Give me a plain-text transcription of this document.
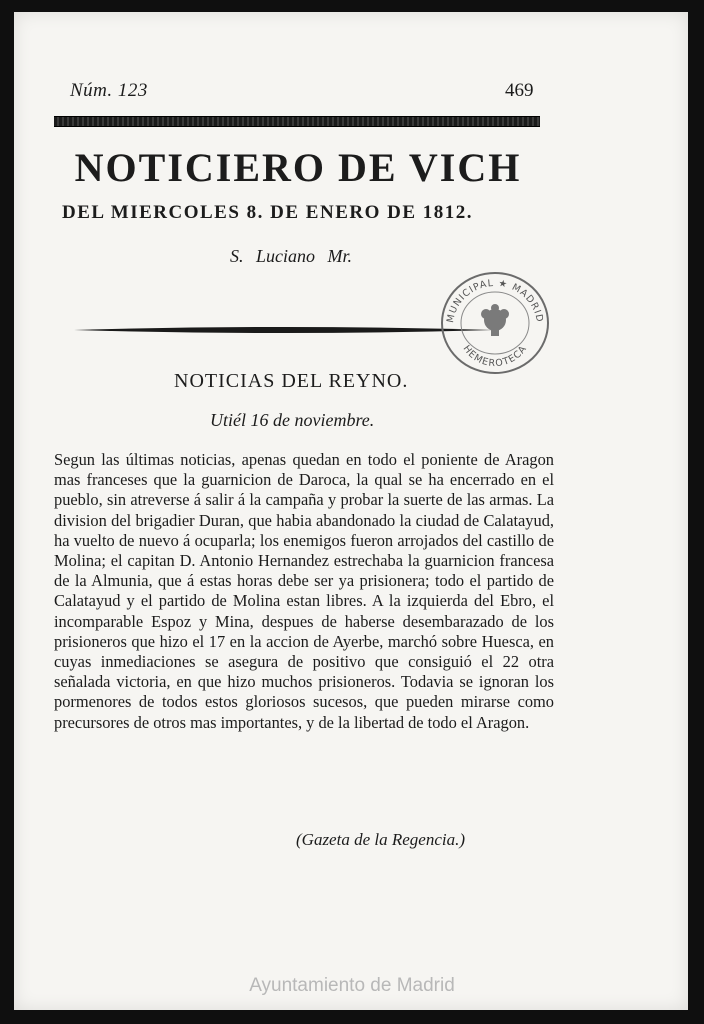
Núm. 123	469
NOTICIERO DE VICH
DEL MIERCOLES 8. DE ENERO DE 1812.
S. Luciano Mr.
MUNICIPAL ★ MADRID
HEMEROTECA
NOTICIAS DEL REYNO.
Utiél 16 de noviembre.
Segun las últimas noticias, apenas quedan en todo el poniente de Aragon mas franceses que la guarnicion de Daroca, la qual se ha encerrado en el pueblo, sin atreverse á salir á la campaña y probar la suerte de las armas. La division del brigadier Duran, que habia abandonado la ciudad de Calatayud, ha vuelto de nuevo á ocuparla; los enemigos fueron arrojados del castillo de Molina; el capitan D. Antonio Hernandez estrechaba la guarnicion francesa de la Almunia, que á estas horas debe ser ya prisionera; todo el partido de Calatayud y el partido de Molina estan libres. A la izquierda del Ebro, el incomparable Espoz y Mina, despues de haberse desembarazado de los prisioneros que hizo el 17 en la accion de Ayerbe, marchó sobre Huesca, en cuyas inmediaciones se asegura de positivo que consiguió el 22 otra señalada victoria, en que hizo muchos prisioneros. Todavia se ignoran los pormenores de todos estos gloriosos sucesos, que pueden mirarse como precursores de otros mas importantes, y de la libertad de todo el Aragon.
(Gazeta de la Regencia.)
Ayuntamiento de Madrid
